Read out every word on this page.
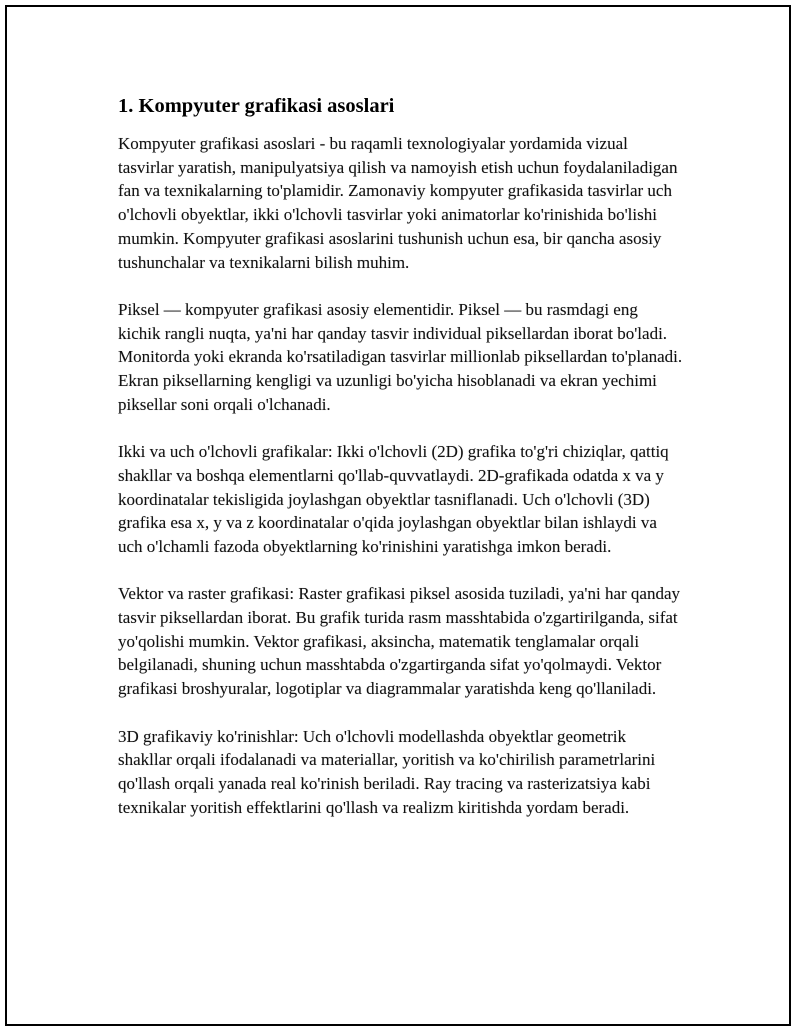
1. Kompyuter grafikasi asoslari

Kompyuter grafikasi asoslari - bu raqamli texnologiyalar yordamida vizual tasvirlar yaratish, manipulyatsiya qilish va namoyish etish uchun foydalaniladigan fan va texnikalarning to'plamidir. Zamonaviy kompyuter grafikasida tasvirlar uch o'lchovli obyektlar, ikki o'lchovli tasvirlar yoki animatorlar ko'rinishida bo'lishi mumkin. Kompyuter grafikasi asoslarini tushunish uchun esa, bir qancha asosiy tushunchalar va texnikalarni bilish muhim.

Piksel — kompyuter grafikasi asosiy elementidir. Piksel — bu rasmdagi eng kichik rangli nuqta, ya'ni har qanday tasvir individual piksellardan iborat bo'ladi. Monitorda yoki ekranda ko'rsatiladigan tasvirlar millionlab piksellardan to'planadi. Ekran piksellarning kengligi va uzunligi bo'yicha hisoblanadi va ekran yechimi piksellar soni orqali o'lchanadi.

Ikki va uch o'lchovli grafikalar: Ikki o'lchovli (2D) grafika to'g'ri chiziqlar, qattiq shakllar va boshqa elementlarni qo'llab-quvvatlaydi. 2D-grafikada odatda x va y koordinatalar tekisligida joylashgan obyektlar tasniflanadi. Uch o'lchovli (3D) grafika esa x, y va z koordinatalar o'qida joylashgan obyektlar bilan ishlaydi va uch o'lchamli fazoda obyektlarning ko'rinishini yaratishga imkon beradi.

Vektor va raster grafikasi: Raster grafikasi piksel asosida tuziladi, ya'ni har qanday tasvir piksellardan iborat. Bu grafik turida rasm masshtabida o'zgartirilganda, sifat yo'qolishi mumkin. Vektor grafikasi, aksincha, matematik tenglamalar orqali belgilanadi, shuning uchun masshtabda o'zgartirganda sifat yo'qolmaydi. Vektor grafikasi broshyuralar, logotiplar va diagrammalar yaratishda keng qo'llaniladi.

3D grafikaviy ko'rinishlar: Uch o'lchovli modellashda obyektlar geometrik shakllar orqali ifodalanadi va materiallar, yoritish va ko'chirilish parametrlarini qo'llash orqali yanada real ko'rinish beriladi. Ray tracing va rasterizatsiya kabi texnikalar yoritish effektlarini qo'llash va realizm kiritishda yordam beradi.
